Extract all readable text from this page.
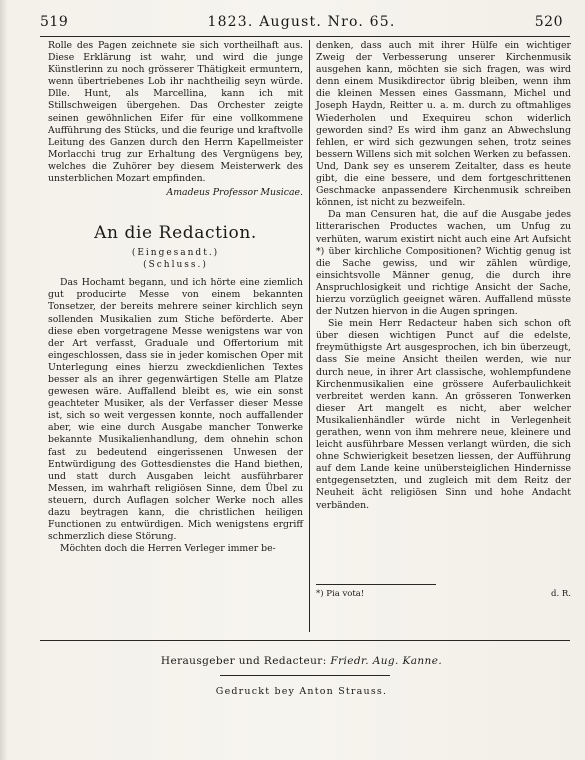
519	1823. August. Nro. 65.	520

Rolle des Pagen zeichnete sie sich vortheilhaft aus. Diese Erklärung ist wahr, und wird die junge Künstlerinn zu noch grösserer Thätigkeit ermuntern, wenn übertriebenes Lob ihr nachtheilig seyn würde. Dlle. Hunt, als Marcellina, kann ich mit Stillschweigen übergehen. Das Orchester zeigte seinen gewöhnlichen Eifer für eine vollkommene Aufführung des Stücks, und die feurige und kraftvolle Leitung des Ganzen durch den Herrn Kapellmeister Morlacchi trug zur Erhaltung des Vergnügens bey, welches die Zuhörer bey diesem Meisterwerk des unsterblichen Mozart empfinden.

Amadeus Professor Musicae.
An die Redaction.
(Eingesandt.)
(Schluss.)

Das Hochamt begann, und ich hörte eine ziemlich gut producirte Messe von einem bekannten Tonsetzer, der bereits mehrere seiner kirchlich seyn sollenden Musikalien zum Stiche beförderte. Aber diese eben vorgetragene Messe wenigstens war von der Art verfasst, Graduale und Offertorium mit eingeschlossen, dass sie in jeder komischen Oper mit Unterlegung eines hierzu zweckdienlichen Textes besser als an ihrer gegenwärtigen Stelle am Platze gewesen wäre. Auffallend bleibt es, wie ein sonst geachteter Musiker, als der Verfasser dieser Messe ist, sich so weit vergessen konnte, noch auffallender aber, wie eine durch Ausgabe mancher Tonwerke bekannte Musikalienhandlung, dem ohnehin schon fast zu bedeutend eingerissenen Unwesen der Entwürdigung des Gottesdienstes die Hand biethen, und statt durch Ausgaben leicht ausführbarer Messen, im wahrhaft religiösen Sinne, dem Übel zu steuern, durch Auflagen solcher Werke noch alles dazu beytragen kann, die christlichen heiligen Functionen zu entwürdigen. Mich wenigstens ergriff schmerzlich diese Störung.

Möchten doch die Herren Verleger immer be-

denken, dass auch mit ihrer Hülfe ein wichtiger Zweig der Verbesserung unserer Kirchenmusik ausgehen kann, möchten sie sich fragen, was wird denn einem Musikdirector übrig bleiben, wenn ihm die kleinen Messen eines Gassmann, Michel und Joseph Haydn, Reitter u. a. m. durch zu oftmahliges Wiederholen und Exequireu schon widerlich geworden sind? Es wird ihm ganz an Abwechslung fehlen, er wird sich gezwungen sehen, trotz seines bessern Willens sich mit solchen Werken zu befassen. Und, Dank sey es unserem Zeitalter, dass es heute gibt, die eine bessere, und dem fortgeschrittenen Geschmacke anpassendere Kirchenmusik schreiben können, ist nicht zu bezweifeln.

Da man Censuren hat, die auf die Ausgabe jedes litterarischen Productes wachen, um Unfug zu verhüten, warum existirt nicht auch eine Art Aufsicht *) über kirchliche Compositionen? Wichtig genug ist die Sache gewiss, und wir zählen würdige, einsichtsvolle Männer genug, die durch ihre Anspruchlosigkeit und richtige Ansicht der Sache, hierzu vorzüglich geeignet wären. Auffallend müsste der Nutzen hiervon in die Augen springen.

Sie mein Herr Redacteur haben sich schon oft über diesen wichtigen Punct auf die edelste, freymüthigste Art ausgesprochen, ich bin überzeugt, dass Sie meine Ansicht theilen werden, wie nur durch neue, in ihrer Art classische, wohlempfundene Kirchenmusikalien eine grössere Auferbaulichkeit verbreitet werden kann. An grösseren Tonwerken dieser Art mangelt es nicht, aber welcher Musikalienhändler würde nicht in Verlegenheit gerathen, wenn von ihm mehrere neue, kleinere und leicht ausführbare Messen verlangt würden, die sich ohne Schwierigkeit besetzen liessen, der Aufführung auf dem Lande keine unübersteiglichen Hindernisse entgegensetzten, und zugleich mit dem Reitz der Neuheit ächt religiösen Sinn und hohe Andacht verbänden.

*) Pia vota!	d. R.
Herausgeber und Redacteur: Friedr. Aug. Kanne.
Gedruckt bey Anton Strauss.
